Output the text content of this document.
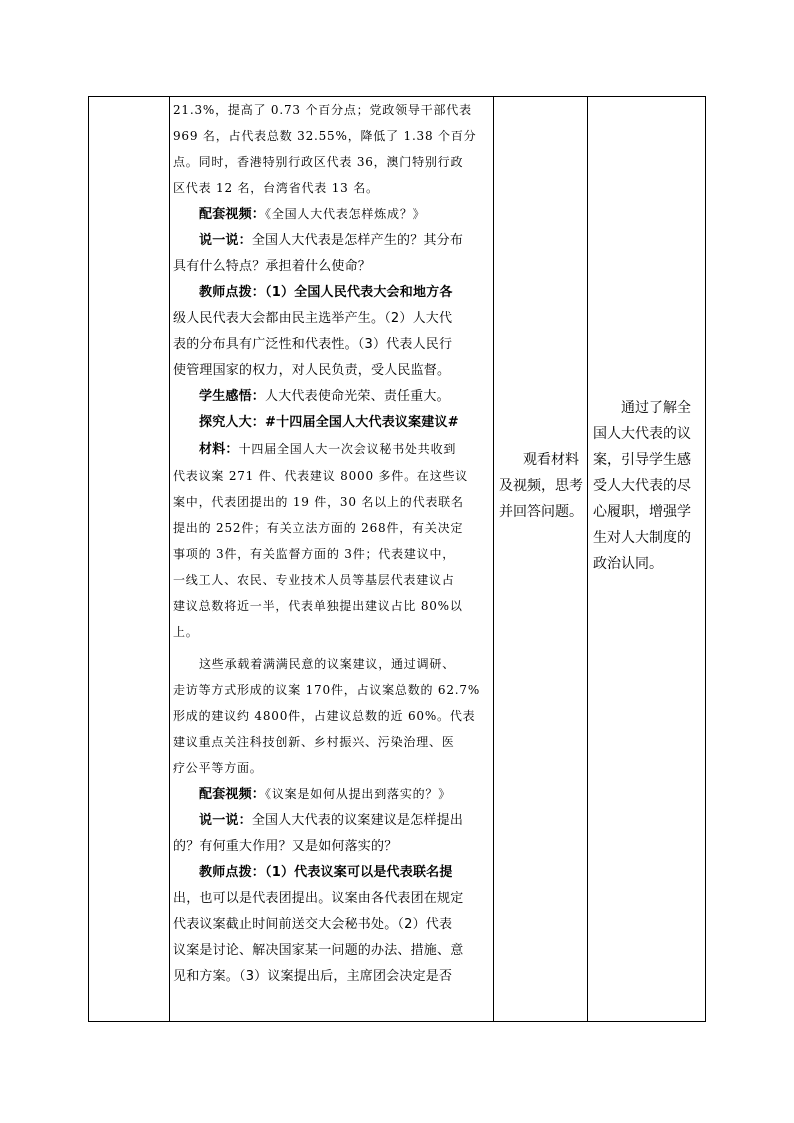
21.3%，提高了 0.73 个百分点；党政领导干部代表

969 名，占代表总数 32.55%，降低了 1.38 个百分

点。同时，香港特别行政区代表 36，澳门特别行政

区代表 12 名，台湾省代表 13 名。

配套视频：《全国人大代表怎样炼成？》

说一说：全国人大代表是怎样产生的？其分布

具有什么特点？承担着什么使命？

教师点拨：（1）全国人民代表大会和地方各

级人民代表大会都由民主选举产生。（2）人大代

表的分布具有广泛性和代表性。（3）代表人民行

使管理国家的权力，对人民负责，受人民监督。

学生感悟：人大代表使命光荣、责任重大。

探究人大：#十四届全国人大代表议案建议#

材料：十四届全国人大一次会议秘书处共收到

代表议案 271 件、代表建议 8000 多件。在这些议

案中，代表团提出的 19 件，30 名以上的代表联名

提出的 252件；有关立法方面的 268件，有关决定

事项的 3件，有关监督方面的 3件；代表建议中，

一线工人、农民、专业技术人员等基层代表建议占

建议总数将近一半，代表单独提出建议占比 80%以

上。

这些承载着满满民意的议案建议，通过调研、

走访等方式形成的议案 170件，占议案总数的 62.7%

形成的建议约 4800件，占建议总数的近 60%。代表

建议重点关注科技创新、乡村振兴、污染治理、医

疗公平等方面。

配套视频：《议案是如何从提出到落实的？》

说一说：全国人大代表的议案建议是怎样提出

的？有何重大作用？又是如何落实的？

教师点拨：（1）代表议案可以是代表联名提

出，也可以是代表团提出。议案由各代表团在规定

代表议案截止时间前送交大会秘书处。（2）代表

议案是讨论、解决国家某一问题的办法、措施、意

见和方案。（3）议案提出后，主席团会决定是否

观看材料

及视频，思考

并回答问题。

通过了解全

国人大代表的议

案，引导学生感

受人大代表的尽

心履职，增强学

生对人大制度的

政治认同。
